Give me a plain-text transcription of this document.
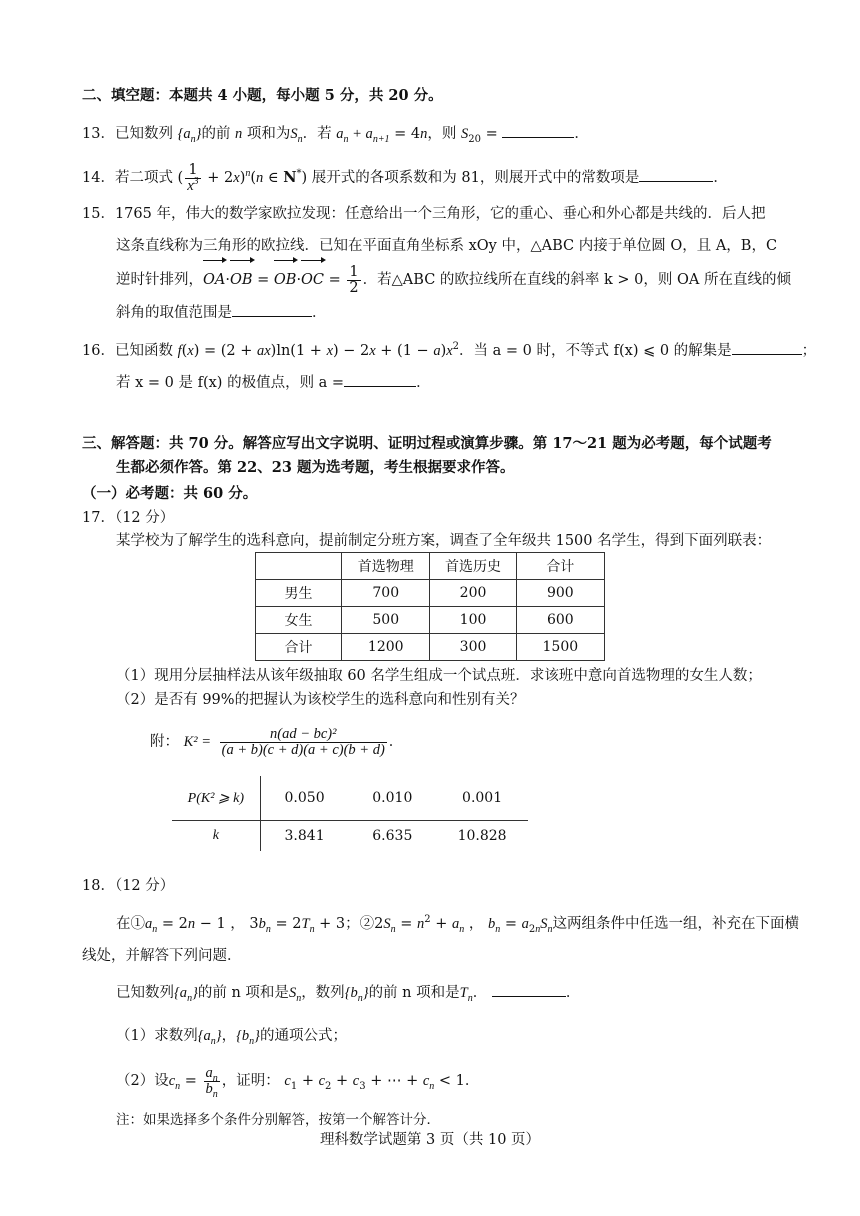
二、填空题：本题共 4 小题，每小题 5 分，共 20 分。
13．已知数列 $\{a_n\}$的前 n 项和为$S_n$．若 $a_n + a_{n+1} = 4n$，则 $S_{20}$ =	．
14．若二项式 ( $\frac{1}{x^3} + 2x)^n(n$ ∈ N*) 展开式的各项系数和为 81，则展开式中的常数项是	．
15．1765 年，伟大的数学家欧拉发现：任意给出一个三角形，它的重心、垂心和外心都是共线的．后人把
这条直线称为三角形的欧拉线．已知在平面直角坐标系 xOy 中，△ABC 内接于单位圆 O，且 A，B，C
逆时针排列，$OA\cdot OB = OB\cdot OC = \frac{1}{2}$ ．若△ABC 的欧拉线所在直线的斜率 k > 0，则 OA 所在直线的倾
斜角的取值范围是	．
16．已知函数 $f(x) = (2 + ax)\ln(1 + x) - 2x + (1 - a)x^2$．当 a = 0 时，不等式 f(x) ⩽ 0 的解集是	；
若 x = 0 是 f(x) 的极值点，则 a =	．
三、解答题：共 70 分。解答应写出文字说明、证明过程或演算步骤。第 17～21 题为必考题，每个试题考
生都必须作答。第 22、23 题为选考题，考生根据要求作答。
（一）必考题：共 60 分。
17．（12 分）
某学校为了解学生的选科意向，提前制定分班方案，调查了全年级共 1500 名学生，得到下面列联表：
	首选物理	首选历史	合计
男生	700	200	900
女生	500	100	600
合计	1200	300	1500
（1）现用分层抽样法从该年级抽取 60 名学生组成一个试点班．求该班中意向首选物理的女生人数；
（2）是否有 99%的把握认为该校学生的选科意向和性别有关？
附： $K^2 = \frac{\text{n(ad − bc)²}}{(a + b)(c + d)(a + c)(b + d)}$ ．
P(K² ⩾ k)	0.050	0.010	0.001
k	3.841	6.635	10.828
18．（12 分）
在$①a_n = 2n - 1$ ， $3b_n = 2T_n + 3$；$②2S_n = n^2 + a_n$ ， $b_n = a_{2n}S_n$这两组条件中任选一组，补充在下面横
线处，并解答下列问题．
已知数列$\{a_n\}$的前 n 项和是$S_n$，数列$\{b_n\}$的前 n 项和是$T_n$．	．
（1）求数列$\{a_n\}$，$\{b_n\}$的通项公式；
（2）设$c_n = \frac{a_n}{b_n}$ ，证明： $c_1 + c_2 + c_3$ + ⋯ + $c_n < 1$．
注：如果选择多个条件分别解答，按第一个解答计分．
理科数学试题第 3 页（共 10 页）
